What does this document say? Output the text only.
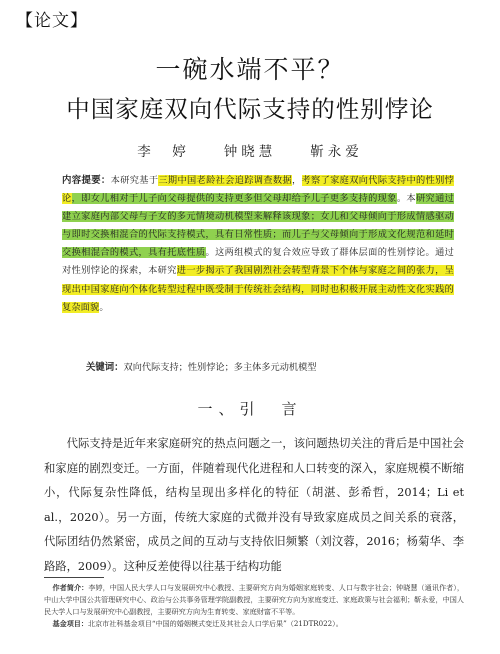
【论文】
一碗水端不平？
中国家庭双向代际支持的性别悖论
李　婷	钟晓慧	靳永爱
内容提要：本研究基于三期中国老龄社会追踪调查数据，考察了家庭双向代际支持中的性别悖论，即女儿相对于儿子向父母提供的支持更多但父母却给予儿子更多支持的现象。本研究通过建立家庭内部父母与子女的多元情境动机模型来解释该现象；女儿和父母倾向于形成情感驱动与即时交换相混合的代际支持模式，具有日常性质；而儿子与父母倾向于形成文化规范和延时交换相混合的模式，具有托底性质。这两组模式的复合效应导致了群体层面的性别悖论。通过对性别悖论的探索，本研究进一步揭示了我国剧烈社会转型背景下个体与家庭之间的张力，呈现出中国家庭向个体化转型过程中既受制于传统社会结构，同时也积极开展主动性文化实践的复杂面貌。
关键词：双向代际支持；性别悖论；多主体多元动机模型
一、引　言

代际支持是近年来家庭研究的热点问题之一，该问题热切关注的背后是中国社会和家庭的剧烈变迁。一方面，伴随着现代化进程和人口转变的深入，家庭规模不断缩小，代际复杂性降低，结构呈现出多样化的特征（胡湛、彭希哲，2014；Li et al.，2020）。另一方面，传统大家庭的式微并没有导致家庭成员之间关系的衰落，代际团结仍然紧密，成员之间的互动与支持依旧频繁（刘汶蓉，2016；杨菊华、李路路，2009）。这种反差使得以往基于结构功能

作者简介：李婷，中国人民大学人口与发展研究中心教授、主要研究方向为婚姻家庭转变、人口与数字社会；钟晓慧（通讯作者），中山大学中国公共管理研究中心、政治与公共事务管理学院副教授，主要研究方向为家庭变迁、家庭政策与社会福利；靳永爱，中国人民大学人口与发展研究中心副教授，主要研究方向为生育转变、家庭财富不平等。

基金项目：北京市社科基金项目“中国的婚姻模式变迁及其社会人口学后果”（21DTR022）。
